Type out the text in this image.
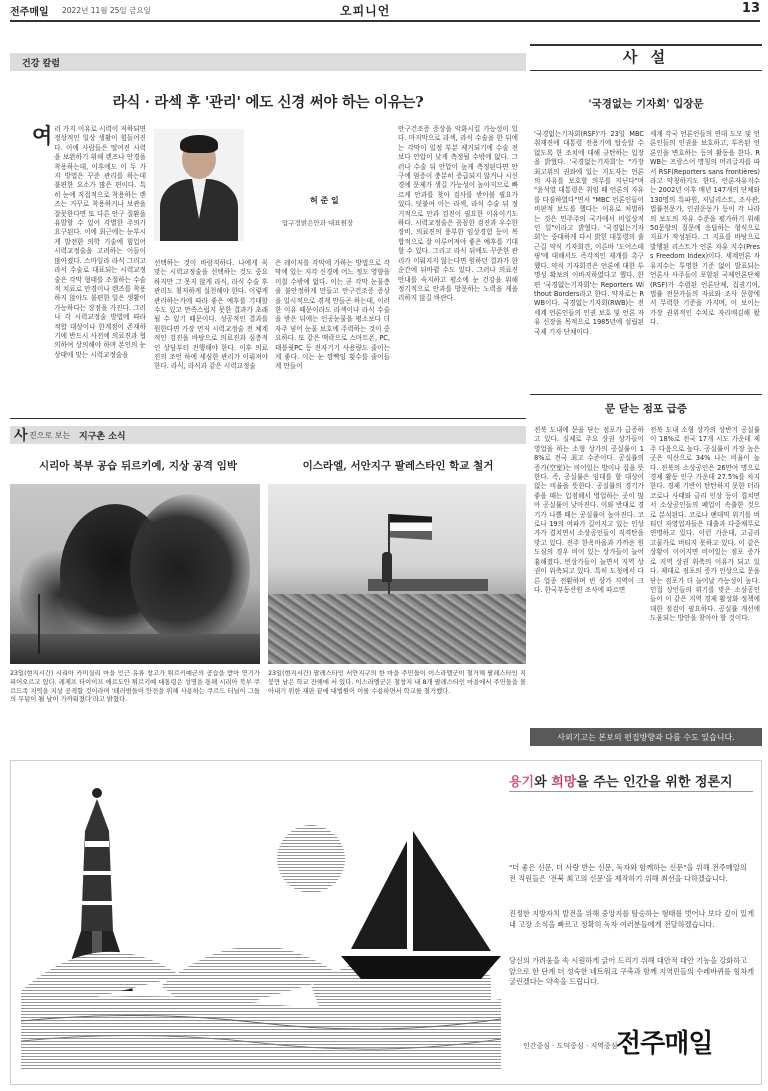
전주매일 2022년 11월 25일 금요일	오피니언	13
건강 칼럼
라식 · 라섹 후 '관리' 에도 신경 써야 하는 이유는?
여 러 가지 이유로 시력이 저하되면 정상적인 일상 생활이 힘들어진다. 이에 사람들은 떨어진 시력을 보완하기 위해 렌즈나 안경을 착용하는데, 이후에도 이 두 가지 방법은 꾸준 관리를 하는데 불편한 요소가 많은 편이다. 특히 눈에 직접적으로 착용하는 렌즈는 거꾸로 착용하거나 보관을 잘못한다면 또 다른 안구 질환을 유발할 수 있어 각별한 주의가 요구된다. 이에 최근에는 눈부시게 발전한 의학 기술에 힘입어 시력교정술을 고려하는 이들이 많아졌다. 스마일라 라식 그리고 라서 수술로 대표되는 시력교정술은 각막 형태를 조절하는 수술적 치료로 안경이나 렌즈를 착용하지 않아도 불편한 일은 생활이 가능하다는 장점을 가진다. 그러나 각 시력교정술 방법에 따라 적합 대상이나 한계점이 존재하기에 반드시 사전에 의료진과 협의하여 상의해야 하며 본인의 눈 상태에 맞는 시력교정술을
허 준 일
압구정밝은안과 대표원장
선택하는 것이 바람직하다. 나에게 꼭 맞는 시력교정술을 선택하는 것도 중요하지만 그 못지 않게 라식, 라식 수술 후 관리도 철저하게 실천해야 한다. 이렇게 관리하는가에 따라 좋은 예후를 기대할 수도 있고 만족스럽지 못한 결과가 초래될 수 있기 때문이다. 성공적인 결과를 원한다면 가장 먼저 시력교정술 전 체계적인 검진을 바탕으로 의료진과 심층적인 상담부터 진행해야 한다. 이후 의료진의 조언 하에 세심한 관리가 이뤄져야 한다. 라식, 라식과 같은 시력교정술
은 레이저를 각막에 가하는 방법으로 각막에 있는 지각 신경에 어느 정도 영향을 미칠 수밖에 없다. 이는 곧 각막 눈물층을 불안정하게 만들고 안구건조증 증상을 일시적으로 겪게 만들곤 하는데, 이러한 이유 때문이라도 라섹이나 라식 수술을 받은 뒤에는 인공눈물을 평소보다 더 자주 넣어 눈물 보호에 주력하는 것이 중요하다. 또 같은 맥락으로 스마트폰, PC, 태블릿PC 등 전자기기 사용량도 줄이는 게 좋다. 이는 눈 깜빡임 횟수를 줄어들게 만들어
안구건조증 증상을 악화시킬 가능성이 있다. 마지막으로 라섹, 라식 수술을 한 뒤에는 각막이 일정 부분 제거되기에 수술 전보다 안압이 낮게 측정될 수밖에 없다. 그러나 수술 뒤 안압이 높게 측정된다면 안구에 염증이 충분히 증급되지 않거나 시신경에 문제가 생길 가능성이 높아지므로 빠르게 안과를 찾아 검사를 받아볼 필요가 있다. 덧붙여 이는 라섹, 라식 수술 뒤 정기적으로 안과 검진이 필요한 이유이기도 하다. 시력교정술은 꼼꼼한 검진과 우수한 장비, 의료진의 풍부한 임상경험 등이 복합적으로 잘 이루어져야 좋은 예후를 기대할 수 있다. 그리고 라식 뒤에도 꾸준한 관리가 이뤄지지 않는다면 원하던 결과가 한 순간에 뒤바뀔 수도 있다. 그러나 의료진 안내를 숙지하고 평소에 눈 건강을 위해 정기적으로 안과를 방문하는 노력을 게을리하지 않길 바란다.
사 진으로 보는 지구촌 소식
시리아 북부 공습 뒤르키예, 지상 공격 임박	이스라엘, 서안지구 팔레스타인 학교 철거
23일(현지시간) 시리아 카미실리 마을 인근 유류 창고가 튀르키예군의 공습을 받아 연기가 피어오르고 있다. 레제프 타이이프 에르도안 튀르키예 대통령은 성명을 통해 시리아 북부 쿠르드족 지역을 지상 공격할 것이라며 '테러범들이 안전을 위해 사용하는 쿠르드 터널이 그들의 무덤이 될 날이 가까워졌다'라고 밝혔다.
23일(현지시간) 팔레스타인 서안지구의 한 마을 주민들이 이스라엘군이 철거해 팔레스타인 지붕만 남은 학교 잔해에 서 있다. 이스라엘군은 철창지 내 8개 팔레스타인 마을에서 주민들을 몰아내기 위한 재판 끝에 대법원이 이를 수용하면서 학교를 철거했다.
사 설
'국경없는 기자회' 입장문
'국경없는기자회(RSF)'가 23일 MBC 취재진에 대통령 전용기에 탑승할 수 없도록 한 조치에 대해 규탄하는 입장을 밝혔다. '국경없는기자회'는 "가장 최고위의 권좌에 있는 지도자는 언론의 자유를 보호할 의무를 지닌다"며 "윤석열 대통령은 취임 때 언론의 자유를 다짐하였다"면서 "MBC 언론인들이 비판적 보도를 했다는 이유로 처벌하는 것은 민주주의 국가에서 비일상적인 일"이라고 밝혔다. '국경없는기자회'는 중대하게 다시 밝힌 대통령의 출근길 약식 기자회견, 이른바 '도어스테핑'에 대해서도 즉각적인 재개를 촉구했다. 약식 기자회견은 언론에 대한 투명성 확보의 이바지하였다고 했다. 한편 '국경없는기자회'는 Reporters Without Borders라고 한다. 약자로는 RWB이다. 국경없는기자회(RWB)는 전 세계 언론인들의 인권 보호 및 언론 자유 신장을 목적으로 1985년에 설립된 국제 기자 단체이다.
세계 각국 언론인들의 연대 도모 및 언론인들의 인권을 보호하고, 투옥된 언론인을 변호하는 등의 활동을 한다. RWB는 프랑스어 명칭의 머리글자를 따서 RSF(Reporters sans frontières)라고 약칭하기도 한다. 언론자유지수는 2002년 이후 매년 147개의 단체와 130명의 특파원, 저널리스트, 조사관, 법률전문가, 인권운동가 등이 각 나라의 보도의 자유 수준을 평가하기 위해 50문항의 질문에 응답하는 형식으로 지표가 작성된다. 그 지표를 바탕으로 발행된 리스트가 언론 자유 지수(Press Freedom Index)이다. 세계언론 자유지수는 투명한 기준 없이 발표되는 언론사 사주들이 포함된 국제언론단체(RSF)가 수렴된 언론단체, 집권기여, 법률 전문가들의 자료와 조사 문항에서 무력한 기준을 가지며, 이 보이는 가장 권위적인 수치로 자리매김해 왔다.
문 닫는 점포 급증
전북 도내에 문을 닫는 점포가 급증하고 있다. 실제로 주요 상권 상가들이 영업을 하는 소형 상가의 공실률이 18%로 전국 최고 수준이다. 공실률의 증가(空室)는 비어있는 방이나 집을 뜻한다. 즉, 공실률은 임대를 할 대상이 없는 비율을 뜻한다. 공실률의 경기가 좋을 때는 입점해서 영업하는 곳이 많아 공실률이 낮아진다. 이와 반대로 경기가 나쁠 때는 공실률이 높아진다. 코로나 19의 여파가 길어지고 있는 인상가가 겹치면서 소상공인들이 직격탄을 맞고 있다. 전주 한옥마을과 가까운 원도심의 경우 비어 있는 상가들이 늘어 흉해졌다. 빈상가들이 늘면서 지역 상권이 위축되고 있다. 특히 도청에서 다른 업종 전환하며 빈 상가 지역이 크다. 한국부동산원 조사에 따르면
전북 도내 소형 상가의 상반기 공실률이 18%로 전국 17개 시도 가운데 제주 다음으로 높다. 공실률이 가장 높은 곳은 익산으로 34% 나는 비율이 높다. 전북의 소상공인은 26만여 명으로 경제 활동 인구 가운데 27.5%를 차지한다. 경제 기반이 탄탄하지 못한 터라 코로나 사태와 금리 인상 등이 겹치면서 소상공인들의 폐업이 속출한 것으로 분석된다. 코로나 팬데믹 위기를 버티던 자영업자들은 대출과 다중채무로 연명하고 있다. 이런 가운데, 고금리 고물가로 버티지 못하고 있다. 이 같은 상황이 이어지면 비어있는 점포 증가로 지역 상권 위축의 이유가 되고 있다. 제대로 점포의 증가 인상으로 문을 닫는 점포가 더 늘어날 가능성이 높다. 인접 상인들의 위기를 맞은 소상공인들이 이 같은 지역 경제 활성화 정책에 대한 점검이 필요하다. 공실률 개선에 도움되는 방안을 찾아야 할 것이다.
사외기고는 본보의 편집방향과 다를 수도 있습니다.
용기와 희망을 주는 인간을 위한 정론지
"더 좋은 신문, 더 사랑 받는 신문, 독자와 함께하는 신문"을 위해 전주매일의 전 직원들은 '전북 최고의 신문'을 제작하기 위해 최선을 다하겠습니다.
진정한 지방자치 발전을 위해 중앙지를 탐승하는 형태를 벗어나 보다 깊이 있게 내 고장 소식을 빠르고 정확히 독자 여러분들에게 전달하겠습니다.
당신의 가려움을 속 시원하게 긁어 드리기 위해 대안적 대안 기능을 강화하고 앞으로 한 단계 더 성숙한 네트워크 구축과 함께 지역민들의 수레바퀴를 힘차게 굴린겠다는 약속을 드립니다.
인간중심 · 도덕중심 · 지역중심
전주매일
